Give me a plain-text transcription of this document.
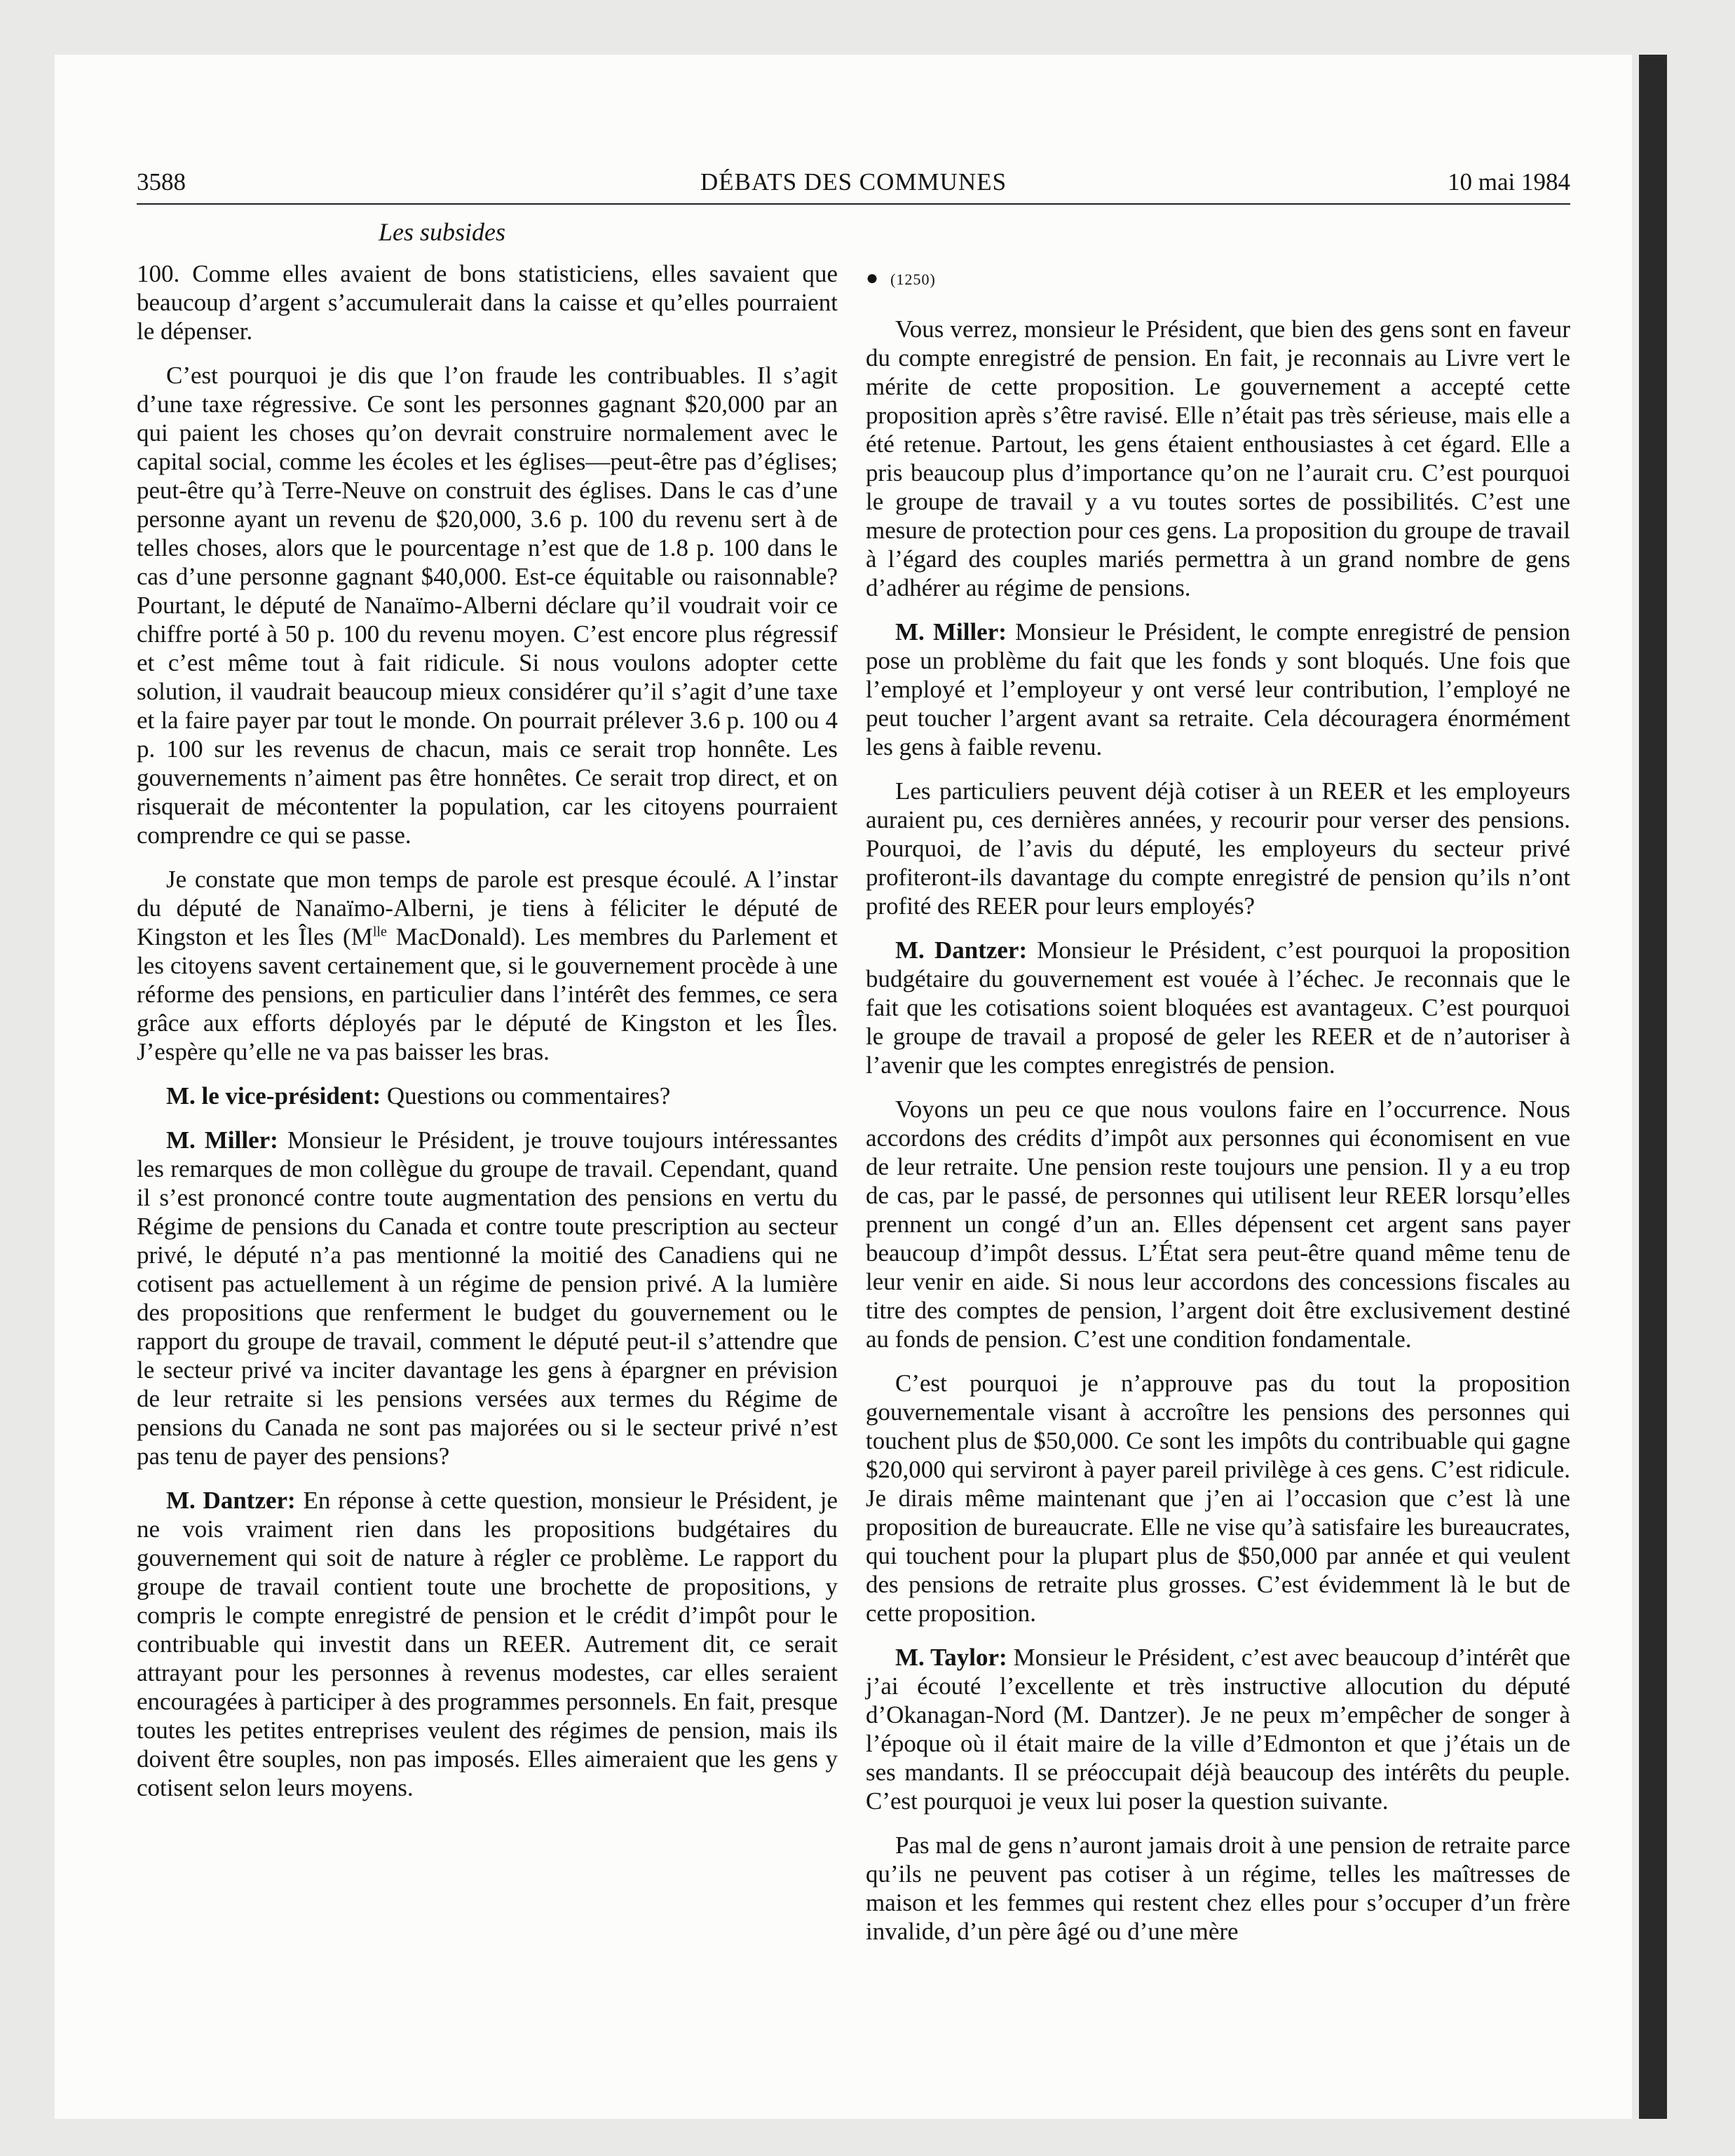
3588	DÉBATS DES COMMUNES	10 mai 1984
Les subsides

100. Comme elles avaient de bons statisticiens, elles savaient que beaucoup d’argent s’accumulerait dans la caisse et qu’elles pourraient le dépenser.

C’est pourquoi je dis que l’on fraude les contribuables. Il s’agit d’une taxe régressive. Ce sont les personnes gagnant $20,000 par an qui paient les choses qu’on devrait construire normalement avec le capital social, comme les écoles et les églises—peut-être pas d’églises; peut-être qu’à Terre-Neuve on construit des églises. Dans le cas d’une personne ayant un revenu de $20,000, 3.6 p. 100 du revenu sert à de telles choses, alors que le pourcentage n’est que de 1.8 p. 100 dans le cas d’une personne gagnant $40,000. Est-ce équitable ou raisonnable? Pourtant, le député de Nanaïmo-Alberni déclare qu’il voudrait voir ce chiffre porté à 50 p. 100 du revenu moyen. C’est encore plus régressif et c’est même tout à fait ridicule. Si nous voulons adopter cette solution, il vaudrait beaucoup mieux considérer qu’il s’agit d’une taxe et la faire payer par tout le monde. On pourrait prélever 3.6 p. 100 ou 4 p. 100 sur les revenus de chacun, mais ce serait trop honnête. Les gouvernements n’aiment pas être honnêtes. Ce serait trop direct, et on risquerait de mécontenter la population, car les citoyens pourraient comprendre ce qui se passe.

Je constate que mon temps de parole est presque écoulé. A l’instar du député de Nanaïmo-Alberni, je tiens à féliciter le député de Kingston et les Îles ($M^{lle}$ MacDonald). Les membres du Parlement et les citoyens savent certainement que, si le gouvernement procède à une réforme des pensions, en particulier dans l’intérêt des femmes, ce sera grâce aux efforts déployés par le député de Kingston et les Îles. J’espère qu’elle ne va pas baisser les bras.

M. le vice-président: Questions ou commentaires?

M. Miller: Monsieur le Président, je trouve toujours intéressantes les remarques de mon collègue du groupe de travail. Cependant, quand il s’est prononcé contre toute augmentation des pensions en vertu du Régime de pensions du Canada et contre toute prescription au secteur privé, le député n’a pas mentionné la moitié des Canadiens qui ne cotisent pas actuellement à un régime de pension privé. A la lumière des propositions que renferment le budget du gouvernement ou le rapport du groupe de travail, comment le député peut-il s’attendre que le secteur privé va inciter davantage les gens à épargner en prévision de leur retraite si les pensions versées aux termes du Régime de pensions du Canada ne sont pas majorées ou si le secteur privé n’est pas tenu de payer des pensions?

M. Dantzer: En réponse à cette question, monsieur le Président, je ne vois vraiment rien dans les propositions budgétaires du gouvernement qui soit de nature à régler ce problème. Le rapport du groupe de travail contient toute une brochette de propositions, y compris le compte enregistré de pension et le crédit d’impôt pour le contribuable qui investit dans un REER. Autrement dit, ce serait attrayant pour les personnes à revenus modestes, car elles seraient encouragées à participer à des programmes personnels. En fait, presque toutes les petites entreprises veulent des régimes de pension, mais ils doivent être souples, non pas imposés. Elles aimeraient que les gens y cotisent selon leurs moyens.

● (1250)

Vous verrez, monsieur le Président, que bien des gens sont en faveur du compte enregistré de pension. En fait, je reconnais au Livre vert le mérite de cette proposition. Le gouvernement a accepté cette proposition après s’être ravisé. Elle n’était pas très sérieuse, mais elle a été retenue. Partout, les gens étaient enthousiastes à cet égard. Elle a pris beaucoup plus d’importance qu’on ne l’aurait cru. C’est pourquoi le groupe de travail y a vu toutes sortes de possibilités. C’est une mesure de protection pour ces gens. La proposition du groupe de travail à l’égard des couples mariés permettra à un grand nombre de gens d’adhérer au régime de pensions.

M. Miller: Monsieur le Président, le compte enregistré de pension pose un problème du fait que les fonds y sont bloqués. Une fois que l’employé et l’employeur y ont versé leur contribution, l’employé ne peut toucher l’argent avant sa retraite. Cela découragera énormément les gens à faible revenu.

Les particuliers peuvent déjà cotiser à un REER et les employeurs auraient pu, ces dernières années, y recourir pour verser des pensions. Pourquoi, de l’avis du député, les employeurs du secteur privé profiteront-ils davantage du compte enregistré de pension qu’ils n’ont profité des REER pour leurs employés?

M. Dantzer: Monsieur le Président, c’est pourquoi la proposition budgétaire du gouvernement est vouée à l’échec. Je reconnais que le fait que les cotisations soient bloquées est avantageux. C’est pourquoi le groupe de travail a proposé de geler les REER et de n’autoriser à l’avenir que les comptes enregistrés de pension.

Voyons un peu ce que nous voulons faire en l’occurrence. Nous accordons des crédits d’impôt aux personnes qui économisent en vue de leur retraite. Une pension reste toujours une pension. Il y a eu trop de cas, par le passé, de personnes qui utilisent leur REER lorsqu’elles prennent un congé d’un an. Elles dépensent cet argent sans payer beaucoup d’impôt dessus. L’État sera peut-être quand même tenu de leur venir en aide. Si nous leur accordons des concessions fiscales au titre des comptes de pension, l’argent doit être exclusivement destiné au fonds de pension. C’est une condition fondamentale.

C’est pourquoi je n’approuve pas du tout la proposition gouvernementale visant à accroître les pensions des personnes qui touchent plus de $50,000. Ce sont les impôts du contribuable qui gagne $20,000 qui serviront à payer pareil privilège à ces gens. C’est ridicule. Je dirais même maintenant que j’en ai l’occasion que c’est là une proposition de bureaucrate. Elle ne vise qu’à satisfaire les bureaucrates, qui touchent pour la plupart plus de $50,000 par année et qui veulent des pensions de retraite plus grosses. C’est évidemment là le but de cette proposition.

M. Taylor: Monsieur le Président, c’est avec beaucoup d’intérêt que j’ai écouté l’excellente et très instructive allocution du député d’Okanagan-Nord (M. Dantzer). Je ne peux m’empêcher de songer à l’époque où il était maire de la ville d’Edmonton et que j’étais un de ses mandants. Il se préoccupait déjà beaucoup des intérêts du peuple. C’est pourquoi je veux lui poser la question suivante.

Pas mal de gens n’auront jamais droit à une pension de retraite parce qu’ils ne peuvent pas cotiser à un régime, telles les maîtresses de maison et les femmes qui restent chez elles pour s’occuper d’un frère invalide, d’un père âgé ou d’une mère
